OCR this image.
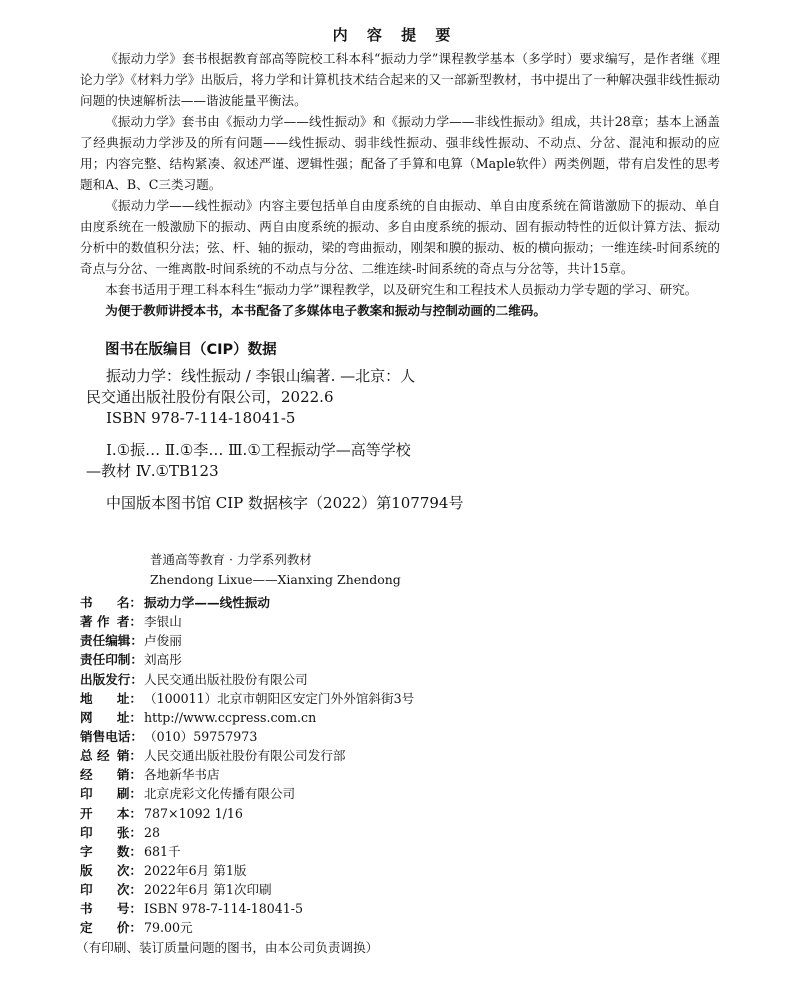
内 容 提 要

《振动力学》套书根据教育部高等院校工科本科“振动力学”课程教学基本（多学时）要求编写，是作者继《理论力学》《材料力学》出版后，将力学和计算机技术结合起来的又一部新型教材，书中提出了一种解决强非线性振动问题的快速解析法——谐波能量平衡法。

《振动力学》套书由《振动力学——线性振动》和《振动力学——非线性振动》组成，共计28章；基本上涵盖了经典振动力学涉及的所有问题——线性振动、弱非线性振动、强非线性振动、不动点、分岔、混沌和振动的应用；内容完整、结构紧凑、叙述严谨、逻辑性强；配备了手算和电算（Maple软件）两类例题，带有启发性的思考题和A、B、C三类习题。

《振动力学——线性振动》内容主要包括单自由度系统的自由振动、单自由度系统在简谐激励下的振动、单自由度系统在一般激励下的振动、两自由度系统的振动、多自由度系统的振动、固有振动特性的近似计算方法、振动分析中的数值积分法；弦、杆、轴的振动，梁的弯曲振动，刚架和膜的振动、板的横向振动；一维连续-时间系统的奇点与分岔、一维离散-时间系统的不动点与分岔、二维连续-时间系统的奇点与分岔等，共计15章。

本套书适用于理工科本科生“振动力学”课程教学，以及研究生和工程技术人员振动力学专题的学习、研究。

为便于教师讲授本书，本书配备了多媒体电子教案和振动与控制动画的二维码。

图书在版编目（CIP）数据
振动力学：线性振动 / 李银山编著. —北京：人
民交通出版社股份有限公司，2022.6
ISBN 978-7-114-18041-5
Ⅰ.①振… Ⅱ.①李… Ⅲ.①工程振动学—高等学校
—教材 Ⅳ.①TB123
中国版本图书馆 CIP 数据核字（2022）第107794号
普通高等教育 · 力学系列教材
Zhendong Lixue——Xianxing Zhendong
书 名 ： 振动力学——线性振动
著 作 者 ： 李银山
责任编 辑 ： 卢俊丽
责任印 制 ： 刘高彤
出版发 行 ： 人民交通出版社股份有限公司
地 址 ： （100011）北京市朝阳区安定门外外馆斜街3号
网 址 ： http://www.ccpress.com.cn
销售电 话 ： （010）59757973
总 经 销 ： 人民交通出版社股份有限公司发行部
经 销 ： 各地新华书店
印 刷 ： 北京虎彩文化传播有限公司
开 本 ： 787×1092 1/16
印 张 ： 28
字 数 ： 681千
版 次 ： 2022年6月 第1版
印 次 ： 2022年6月 第1次印刷
书 号 ： ISBN 978-7-114-18041-5
定 价 ： 79.00元
（有印刷、装订质量问题的图书，由本公司负责调换）
